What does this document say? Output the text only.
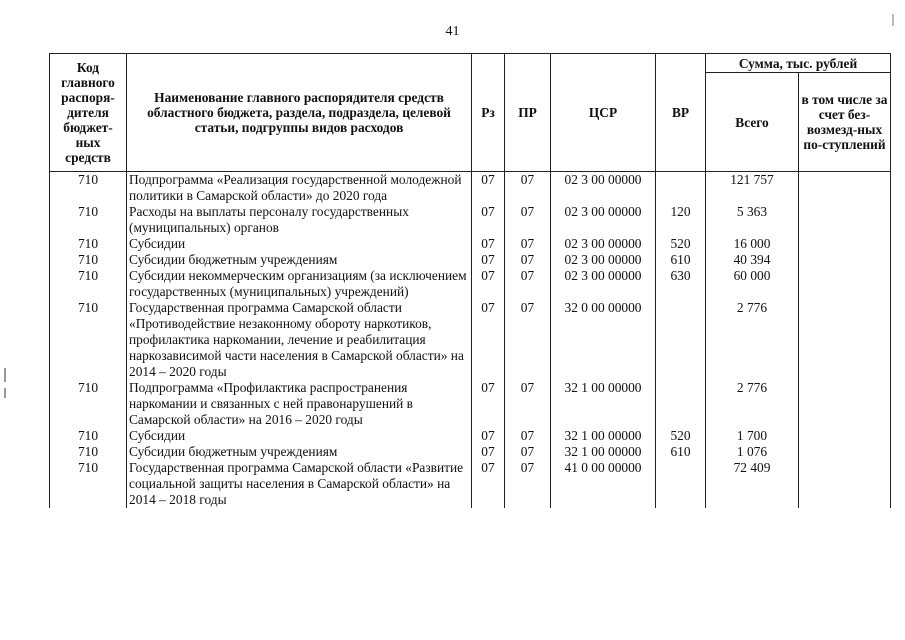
41
Код главного распоря-дителя бюджет-ных средств	Наименование главного распорядителя средств областного бюджета, раздела, подраздела, целевой статьи, подгруппы видов расходов	Рз	ПР	ЦСР	ВР	Сумма, тыс. рублей	
						Всего	в том числе за счет без-возмезд-ных по-ступлений
710	Подпрограмма «Реализация государственной молодежной политики в Самарской области» до 2020 года	07	07	02 3 00 00000		121 757	
710	Расходы на выплаты персоналу государственных (муниципальных) органов	07	07	02 3 00 00000	120	5 363	
710	Субсидии	07	07	02 3 00 00000	520	16 000	
710	Субсидии бюджетным учреждениям	07	07	02 3 00 00000	610	40 394	
710	Субсидии некоммерческим организациям (за исключением государственных (муниципальных) учреждений)	07	07	02 3 00 00000	630	60 000	
710	Государственная программа Самарской области «Противодействие незаконному обороту наркотиков, профилактика наркомании, лечение и реабилитация наркозависимой части населения в Самарской области» на 2014 – 2020 годы	07	07	32 0 00 00000		2 776	
710	Подпрограмма «Профилактика распространения наркомании и связанных с ней правонарушений в Самарской области» на 2016 – 2020 годы	07	07	32 1 00 00000		2 776	
710	Субсидии	07	07	32 1 00 00000	520	1 700	
710	Субсидии бюджетным учреждениям	07	07	32 1 00 00000	610	1 076	
710	Государственная программа Самарской области «Развитие социальной защиты населения в Самарской области» на 2014 – 2018 годы	07	07	41 0 00 00000		72 409	
